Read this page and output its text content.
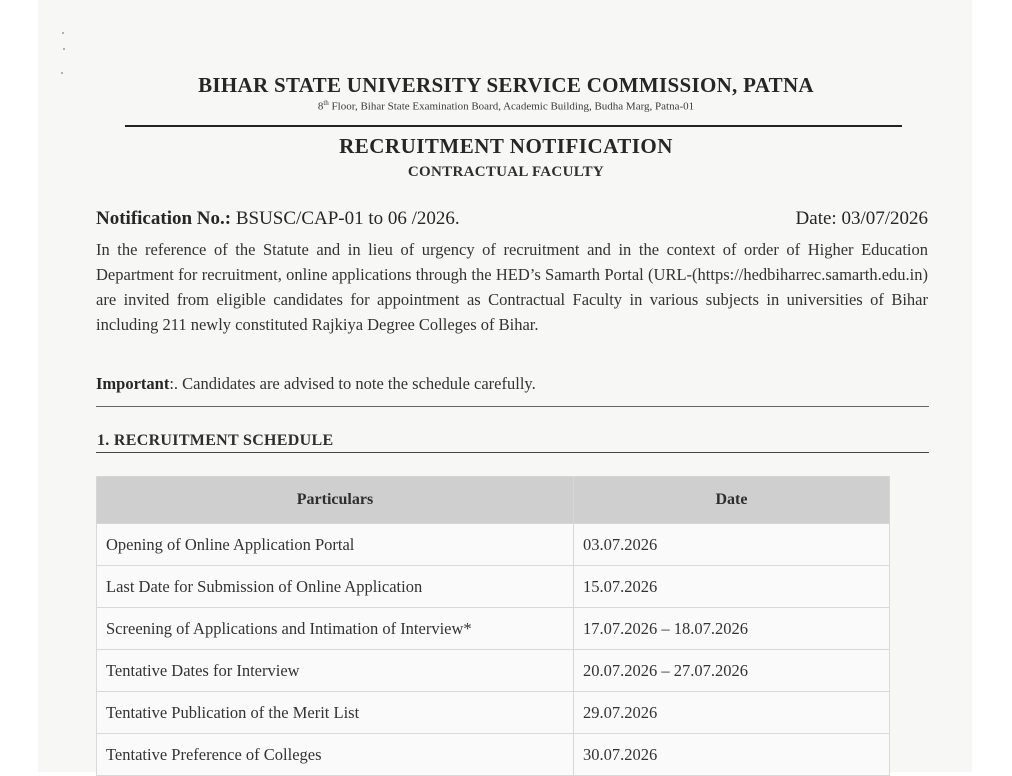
BIHAR STATE UNIVERSITY SERVICE COMMISSION, PATNA
8th Floor, Bihar State Examination Board, Academic Building, Budha Marg, Patna-01
RECRUITMENT NOTIFICATION
CONTRACTUAL FACULTY
Notification No.: BSUSC/CAP-01 to 06 /2026.	Date: 03/07/2026
In the reference of the Statute and in lieu of urgency of recruitment and in the context of order of Higher Education Department for recruitment, online applications through the HED’s Samarth Portal (URL-(https://hedbiharrec.samarth.edu.in) are invited from eligible candidates for appointment as Contractual Faculty in various subjects in universities of Bihar including 211 newly constituted Rajkiya Degree Colleges of Bihar.
Important:. Candidates are advised to note the schedule carefully.
1. RECRUITMENT SCHEDULE
Particulars	Date
Opening of Online Application Portal	03.07.2026
Last Date for Submission of Online Application	15.07.2026
Screening of Applications and Intimation of Interview*	17.07.2026 – 18.07.2026
Tentative Dates for Interview	20.07.2026 – 27.07.2026
Tentative Publication of the Merit List	29.07.2026
Tentative Preference of Colleges	30.07.2026
